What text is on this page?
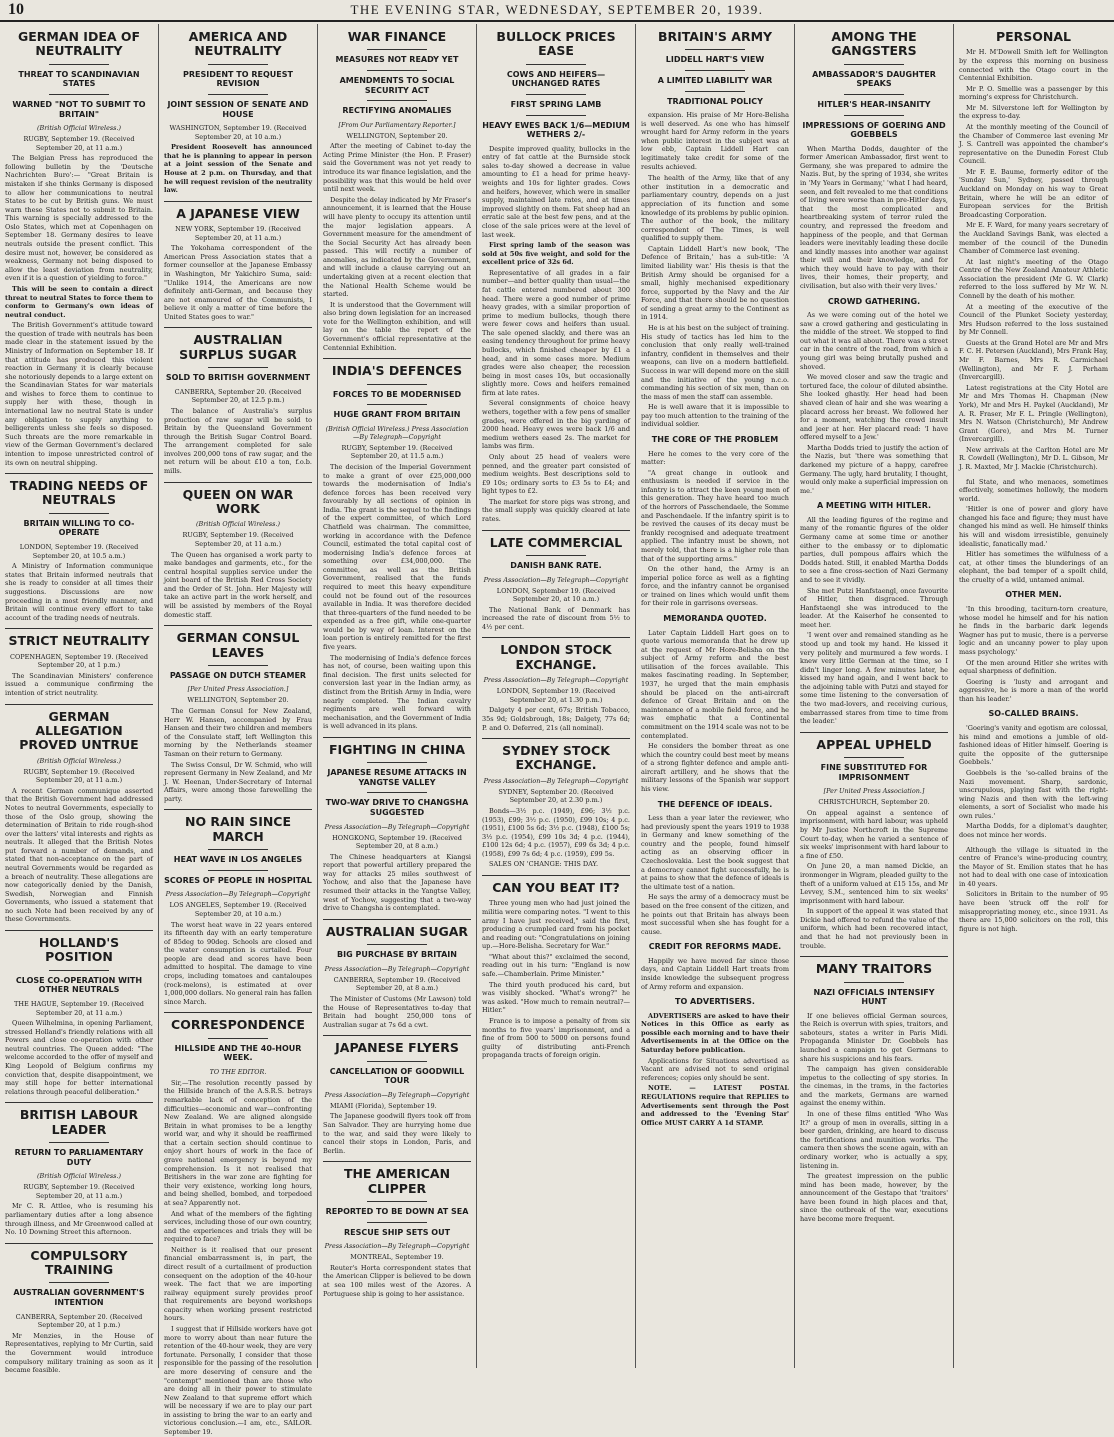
10	THE EVENING STAR, WEDNESDAY, SEPTEMBER 20, 1939.
GERMAN IDEA OF NEUTRALITY
THREAT TO SCANDINAVIAN STATES
WARNED "NOT TO SUBMIT TO BRITAIN"
(British Official Wireless.)

RUGBY, September 19. (Received September 20, at 11 a.m.)

The Belgian Press has reproduced the following bulletin by the 'Deutsche Nachrichten Buro':— "Great Britain is mistaken if she thinks Germany is disposed to allow her communications to neutral States to be cut by British guns. We must warn these States not to submit to Britain. This warning is specially addressed to the Oslo States, which met at Copenhagen on September 18. Germany desires to leave neutrals outside the present conflict. This desire must not, however, be considered as weakness, Germany not being disposed to allow the least deviation from neutrality, even if it is a question of yielding to force."

This will be seen to contain a direct threat to neutral States to force them to conform to Germany's own ideas of neutral conduct.

The British Government's attitude toward the question of trade with neutrals has been made clear in the statement issued by the Ministry of Information on September 18. If that attitude has produced this violent reaction in Germany it is clearly because she notoriously depends to a large extent on the Scandinavian States for war materials and wishes to force them to continue to supply her with these, though in international law no neutral State is under any obligation to supply anything to belligerents unless she feels so disposed. Such threats are the more remarkable in view of the German Government's declared intention to impose unrestricted control of its own on neutral shipping.

TRADING NEEDS OF NEUTRALS
BRITAIN WILLING TO CO-OPERATE

LONDON, September 19. (Received September 20, at 10.5 a.m.)

A Ministry of Information communique states that Britain informed neutrals that she is ready to consider at all times their suggestions. Discussions are now proceeding in a most friendly manner, and Britain will continue every effort to take account of the trading needs of neutrals.

STRICT NEUTRALITY

COPENHAGEN, September 19. (Received September 20, at 1 p.m.)

The Scandinavian Ministers' conference issued a communique confirming the intention of strict neutrality.

GERMAN ALLEGATION PROVED UNTRUE
(British Official Wireless.)

RUGBY, September 19. (Received September 20, at 11 a.m.)

A recent German communique asserted that the British Government had addressed Notes to neutral Governments, especially to those of the Oslo group, showing the determination of Britain to ride rough-shod over the latters' vital interests and rights as neutrals. It alleged that the British Notes put forward a number of demands, and stated that non-acceptance on the part of neutral Governments would be regarded as a breach of neutrality. These allegations are now categorically denied by the Danish, Swedish, Norwegian and Finnish Governments, who issued a statement that no such Note had been received by any of these Governments.

HOLLAND'S POSITION
CLOSE CO-OPERATION WITH OTHER NEUTRALS

THE HAGUE, September 19. (Received September 20, at 11 a.m.)

Queen Wilhelmina, in opening Parliament, stressed Holland's friendly relations with all Powers and close co-operation with other neutral countries. The Queen added: "The welcome accorded to the offer of myself and King Leopold of Belgium confirms my conviction that, despite disappointment, we may still hope for better international relations through peaceful deliberation."

BRITISH LABOUR LEADER
RETURN TO PARLIAMENTARY DUTY
(British Official Wireless.)

RUGBY, September 19. (Received September 20, at 11 a.m.)

Mr C. R. Attlee, who is resuming his parliamentary duties after a long absence through illness, and Mr Greenwood called at No. 10 Downing Street this afternoon.

COMPULSORY TRAINING
AUSTRALIAN GOVERNMENT'S INTENTION

CANBERRA, September 20. (Received September 20, at 1 p.m.)

Mr Menzies, in the House of Representatives, replying to Mr Curtin, said the Government would introduce compulsory military training as soon as it became feasible.

AMERICA AND NEUTRALITY
PRESIDENT TO REQUEST REVISION
JOINT SESSION OF SENATE AND HOUSE

WASHINGTON, September 19. (Received September 20, at 10 a.m.)

President Roosevelt has announced that he is planning to appear in person at a joint session of the Senate and House at 2 p.m. on Thursday, and that he will request revision of the neutrality law.

A JAPANESE VIEW

NEW YORK, September 19. (Received September 20, at 11 a.m.)

The Yokohama correspondent of the American Press Association states that a former counsellor at the Japanese Embassy in Washington, Mr Yakichiro Suma, said: "Unlike 1914, the Americans are now definitely anti-German, and because they are not enamoured of the Communists, I believe it only a matter of time before the United States goes to war."

AUSTRALIAN SURPLUS SUGAR
SOLD TO BRITISH GOVERNMENT

CANBERRA, September 20. (Received September 20, at 12.5 p.m.)

The balance of Australia's surplus production of raw sugar will be sold to Britain by the Queensland Government through the British Sugar Control Board. The arrangement completed for sale involves 200,000 tons of raw sugar, and the net return will be about £10 a ton, f.o.b. mills.

QUEEN ON WAR WORK
(British Official Wireless.)

RUGBY, September 19. (Received September 20, at 11 a.m.)

The Queen has organised a work party to make bandages and garments, etc., for the central hospital supplies service under the joint board of the British Red Cross Society and the Order of St. John. Her Majesty will take an active part in the work herself, and will be assisted by members of the Royal domestic staff.

GERMAN CONSUL LEAVES
PASSAGE ON DUTCH STEAMER
[Per United Press Association.]

WELLINGTON, September 20.

The German Consul for New Zealand, Herr W. Hansen, accompanied by Frau Hansen and their two children and members of the Consulate staff, left Wellington this morning by the Netherlands steamer Tasman on their return to Germany.

The Swiss Consul, Dr W. Schmid, who will represent Germany in New Zealand, and Mr J. W. Heenan, Under-Secretary of Internal Affairs, were among those farewelling the party.

NO RAIN SINCE MARCH
HEAT WAVE IN LOS ANGELES
SCORES OF PEOPLE IN HOSPITAL
Press Association—By Telegraph—Copyright

LOS ANGELES, September 19. (Received September 20, at 10 a.m.)

The worst heat wave in 22 years entered its fifteenth day with an early temperature of 85deg to 90deg. Schools are closed and the water consumption is curtailed. Four people are dead and scores have been admitted to hospital. The damage to vine crops, including tomatoes and cantaloupes (rock-melons), is estimated at over 1,000,000 dollars. No general rain has fallen since March.

CORRESPONDENCE
HILLSIDE AND THE 40-HOUR WEEK.
TO THE EDITOR.

Sir,—The resolution recently passed by the Hillside branch of the A.S.R.S. betrays remarkable lack of conception of the difficulties—economic and war—confronting New Zealand. We are aligned alongside Britain in what promises to be a lengthy world war, and why it should be reaffirmed that a certain section should continue to enjoy short hours of work in the face of grave national emergency is beyond my comprehension. Is it not realised that Britishers in the war zone are fighting for their very existence, working long hours, and being shelled, bombed, and torpedoed at sea? Apparently not.

And what of the members of the fighting services, including those of our own country, and the experiences and trials they will be required to face?

Neither is it realised that our present financial embarrassment is, in part, the direct result of a curtailment of production consequent on the adoption of the 40-hour week. The fact that we are importing railway equipment surely provides proof that requirements are beyond workshops capacity when working present restricted hours.

I suggest that if Hillside workers have got more to worry about than near future the retention of the 40-hour week, they are very fortunate. Personally, I consider that those responsible for the passing of the resolution are more deserving of censure and the "contempt" mentioned than are those who are doing all in their power to stimulate New Zealand to that supreme effort which will be necessary if we are to play our part in assisting to bring the war to an early and victorious conclusion.—I am, etc., SAILOR. September 19.

WAR FINANCE
MEASURES NOT READY YET
AMENDMENTS TO SOCIAL SECURITY ACT
RECTIFYING ANOMALIES
[From Our Parliamentary Reporter.]

WELLINGTON, September 20.

After the meeting of Cabinet to-day the Acting Prime Minister (the Hon. P. Fraser) said the Government was not yet ready to introduce its war finance legislation, and the possibility was that this would be held over until next week.

Despite the delay indicated by Mr Fraser's announcement, it is learned that the House will have plenty to occupy its attention until the major legislation appears. A Government measure for the amendment of the Social Security Act has already been passed. This will rectify a number of anomalies, as indicated by the Government, and will include a clause carrying out an undertaking given at a recent election that the National Health Scheme would be started.

It is understood that the Government will also bring down legislation for an increased vote for the Wellington exhibition, and will lay on the table the report of the Government's official representative at the Centennial Exhibition.

INDIA'S DEFENCES
FORCES TO BE MODERNISED
HUGE GRANT FROM BRITAIN
(British Official Wireless.) Press Association—By Telegraph—Copyright

RUGBY, September 19. (Received September 20, at 11.5 a.m.)

The decision of the Imperial Government to make a grant of over £25,000,000 towards the modernisation of India's defence forces has been received very favourably by all sections of opinion in India. The grant is the sequel to the findings of the expert committee, of which Lord Chatfield was chairman. The committee, working in accordance with the Defence Council, estimated the total capital cost of modernising India's defence forces at something over £34,000,000. The committee, as well as the British Government, realised that the funds required to meet this heavy expenditure could not be found out of the resources available in India. It was therefore decided that three-quarters of the fund needed to be expended as a free gift, while one-quarter would be by way of loan. Interest on the loan portion is entirely remitted for the first five years.

The modernising of India's defence forces has not, of course, been waiting upon this final decision. The first units selected for conversion last year in the Indian army, as distinct from the British Army in India, were nearly completed. The Indian cavalry regiments are well forward with mechanisation, and the Government of India is well advanced in its plans.

FIGHTING IN CHINA
JAPANESE RESUME ATTACKS IN YANGTSE VALLEY
TWO-WAY DRIVE TO CHANGSHA SUGGESTED
Press Association—By Telegraph—Copyright

HONGKONG, September 19. (Received September 20, at 8 a.m.)

The Chinese headquarters at Kiangsi report that powerful artillery prepared the way for attacks 25 miles southwest of Yochow, and also that the Japanese have resumed their attacks in the Yangtse Valley, west of Yochow, suggesting that a two-way drive to Changsha is contemplated.

AUSTRALIAN SUGAR
BIG PURCHASE BY BRITAIN
Press Association—By Telegraph—Copyright

CANBERRA, September 19. (Received September 20, at 8 a.m.)

The Minister of Customs (Mr Lawson) told the House of Representatives to-day that Britain had bought 250,000 tons of Australian sugar at 7s 6d a cwt.

JAPANESE FLYERS
CANCELLATION OF GOODWILL TOUR
Press Association—By Telegraph—Copyright

MIAMI (Florida), September 19.

The Japanese goodwill flyers took off from San Salvador. They are hurrying home due to the war, and said they were likely to cancel their stops in London, Paris, and Berlin.

THE AMERICAN CLIPPER
REPORTED TO BE DOWN AT SEA
RESCUE SHIP SETS OUT
Press Association—By Telegraph—Copyright

MONTREAL, September 19.

Reuter's Horta correspondent states that the American Clipper is believed to be down at sea 100 miles west of the Azores. A Portuguese ship is going to her assistance.

BULLOCK PRICES EASE
COWS AND HEIFERS—UNCHANGED RATES
FIRST SPRING LAMB
HEAVY EWES BACK 1/6—MEDIUM WETHERS 2/-

Despite improved quality, bullocks in the entry of fat cattle at the Burnside stock sales to-day showed a decrease in value amounting to £1 a head for prime heavy-weights and 10s for lighter grades. Cows and heifers, however, which were in smaller supply, maintained late rates, and at times improved slightly on them. Fat sheep had an erratic sale at the best few pens, and at the close of the sale prices were at the level of last week.

First spring lamb of the season was sold at 50s five weight, and sold for the excellent price of 32s 6d.

Representative of all grades in a fair number—and better quality than usual—the fat cattle entered numbered about 300 head. There were a good number of prime heavy grades, with a similar proportion of prime to medium bullocks, though there were fewer cows and heifers than usual. The sale opened slackly, and there was an easing tendency throughout for prime heavy bullocks, which finished cheaper by £1 a head, and in some cases more. Medium grades were also cheaper, the recession being in most cases 10s, but occasionally slightly more. Cows and heifers remained firm at late rates.

Several consignments of choice heavy wethers, together with a few pens of smaller grades, were offered in the big yarding of 2000 head. Heavy ewes were back 1/6 and medium wethers eased 2s. The market for lambs was firm.

Only about 25 head of vealers were penned, and the greater part consisted of medium weights. Best descriptions sold to £9 10s; ordinary sorts to £3 5s to £4; and light types to £2.

The market for store pigs was strong, and the small supply was quickly cleared at late rates.

LATE COMMERCIAL
DANISH BANK RATE.
Press Association—By Telegraph—Copyright

LONDON, September 19. (Received September 20, at 10 a.m.)

The National Bank of Denmark has increased the rate of discount from 5½ to 4½ per cent.

LONDON STOCK EXCHANGE.
Press Association—By Telegraph—Copyright

LONDON, September 19. (Received September 20, at 1.30 p.m.)

Dalgety 4 per cent, 67s; British Tobacco, 35s 9d; Goldsbrough, 18s; Dalgety, 77s 6d; P. and O. Deferred, 21s (all nominal).

SYDNEY STOCK EXCHANGE.
Press Association—By Telegraph—Copyright

SYDNEY, September 20. (Received September 20, at 2.30 p.m.)

Bonds—3½ p.c. (1949), £96; 3½ p.c. (1953), £99; 3½ p.c. (1950), £99 10s; 4 p.c. (1951), £100 5s 6d; 3½ p.c. (1948), £100 5s; 3½ p.c. (1954), £99 10s 3d; 4 p.c. (1944), £100 12s 6d; 4 p.c. (1957), £99 6s 3d; 4 p.c. (1958), £99 7s 6d; 4 p.c. (1959), £99 5s.

SALES ON 'CHANGE: THIS DAY.

CAN YOU BEAT IT?

Three young men who had just joined the militia were comparing notes. "I went to this army I have just received," said the first, producing a crumpled card from his pocket and reading out: "Congratulations on joining up.—Hore-Belisha. Secretary for War."

"What about this?" exclaimed the second, reading out in his turn: "England is now safe.—Chamberlain. Prime Minister."

The third youth produced his card, but was visibly shocked. "What's wrong?" he was asked. "How much to remain neutral?—Hitler."

France is to impose a penalty of from six months to five years' imprisonment, and a fine of from 500 to 5000 on persons found guilty of distributing anti-French propaganda tracts of foreign origin.

BRITAIN'S ARMY
LIDDELL HART'S VIEW
A LIMITED LIABILITY WAR
TRADITIONAL POLICY

expansion. His praise of Mr Hore-Belisha is well deserved. As one who has himself wrought hard for Army reform in the years when public interest in the subject was at low ebb, Captain Liddell Hart can legitimately take credit for some of the results achieved.

The health of the Army, like that of any other institution in a democratic and parliamentary country, depends on a just appreciation of its function and some knowledge of its problems by public opinion. The author of the book, the military correspondent of The Times, is well qualified to supply them.

Captain Liddell Hart's new book, 'The Defence of Britain,' has a sub-title: 'A limited liability war.' His thesis is that the British Army should be organised for a small, highly mechanised expeditionary force, supported by the Navy and the Air Force, and that there should be no question of sending a great army to the Continent as in 1914.

He is at his best on the subject of training. His study of tactics has led him to the conclusion that only really well-trained infantry, confident in themselves and their weapons, can live on a modern battlefield. Success in war will depend more on the skill and the initiative of the young n.c.o. commanding his section of six men, than on the mass of men the staff can assemble.

He is well aware that it is impossible to pay too much attention to the training of the individual soldier.

THE CORE OF THE PROBLEM

Here he comes to the very core of the matter:

"A great change in outlook and enthusiasm is needed if service in the infantry is to attract the keen young men of this generation. They have heard too much of the horrors of Passchendaele, the Somme and Paschendaele. If the infantry spirit is to be revived the causes of its decay must be frankly recognised and adequate treatment applied. The infantry must be shown, not merely told, that there is a higher role than that of the supporting arms."

On the other hand, the Army is an imperial police force as well as a fighting force, and the infantry cannot be organised or trained on lines which would unfit them for their role in garrisons overseas.

MEMORANDA QUOTED.

Later Captain Liddell Hart goes on to quote various memoranda that he drew up at the request of Mr Hore-Belisha on the subject of Army reform and the best utilisation of the forces available. This makes fascinating reading. In September, 1937, he urged that the main emphasis should be placed on the anti-aircraft defence of Great Britain and on the maintenance of a mobile field force, and he was emphatic that a Continental commitment on the 1914 scale was not to be contemplated.

He considers the bomber threat as one which the country could best meet by means of a strong fighter defence and ample anti-aircraft artillery, and he shows that the military lessons of the Spanish war support his view.

THE DEFENCE OF IDEALS.

Less than a year later the reviewer, who had previously spent the years 1919 to 1938 in Germany and knew something of the country and the people, found himself acting as an observing officer in Czechoslovakia. Lest the book suggest that a democracy cannot fight successfully, he is at pains to show that the defence of ideals is the ultimate test of a nation.

He says the army of a democracy must be based on the free consent of the citizen, and he points out that Britain has always been most successful when she has fought for a cause.

CREDIT FOR REFORMS MADE.

Happily we have moved far since those days, and Captain Liddell Hart treats from inside knowledge the subsequent progress of Army reform and expansion.

TO ADVERTISERS.

ADVERTISERS are asked to have their Notices in this Office as early as possible each morning and to have their Advertisements in at the Office on the Saturday before publication.

Applications for Situations advertised as Vacant are advised not to send original references; copies only should be sent.

NOTE. — LATEST POSTAL REGULATIONS require that REPLIES to Advertisements sent through the Post and addressed to the 'Evening Star' Office MUST CARRY A 1d STAMP.

AMONG THE GANGSTERS
AMBASSADOR'S DAUGHTER SPEAKS
HITLER'S HEAR-INSANITY
IMPRESSIONS OF GOERING AND GOEBBELS

When Martha Dodds, daughter of the former American Ambassador, first went to Germany, she was prepared to admire the Nazis. But, by the spring of 1934, she writes in 'My Years in Germany,' 'what I had heard, seen, and felt revealed to me that conditions of living were worse than in pre-Hitler days, that the most complicated and heartbreaking system of terror ruled the country, and repressed the freedom and happiness of the people, and that German leaders were inevitably leading these docile and kindly masses into another war against their will and their knowledge, and for which they would have to pay with their lives, their homes, their property, and civilisation, but also with their very lives.'

CROWD GATHERING.

As we were coming out of the hotel we saw a crowd gathering and gesticulating in the middle of the street. We stopped to find out what it was all about. There was a street car in the centre of the road, from which a young girl was being brutally pushed and shoved.

We moved closer and saw the tragic and tortured face, the colour of diluted absinthe. She looked ghastly. Her head had been shaved clean of hair and she was wearing a placard across her breast. We followed her for a moment, watching the crowd insult and jeer at her. Her placard read: 'I have offered myself to a Jew.'

Martha Dodds tried to justify the action of the Nazis, but 'there was something that darkened my picture of a happy, carefree Germany. The ugly, hard brutality, I thought, would only make a superficial impression on me.'

A MEETING WITH HITLER.

All the leading figures of the regime and many of the romantic figures of the older Germany came at some time or another either to the embassy or to diplomatic parties, dull pompous affairs which the Dodds hated. Still, it enabled Martha Dodds to see a fine cross-section of Nazi Germany and to see it vividly.

She met Putzi Hanfstaengl, once favourite of Hitler, then disgraced. Through Hanfstaengl she was introduced to the leader. At the Kaiserhof he consented to meet her.

'I went over and remained standing as he stood up and took my hand. He kissed it very politely and murmured a few words. I knew very little German at the time, so I didn't linger long. A few minutes later, he kissed my hand again, and I went back to the adjoining table with Putzi and stayed for some time listening to the conversation of the two mad-lovers, and receiving curious, embarrassed stares from time to time from the leader.'

APPEAL UPHELD
FINE SUBSTITUTED FOR IMPRISONMENT
[Per United Press Association.]

CHRISTCHURCH, September 20.

On appeal against a sentence of imprisonment, with hard labour, was upheld by Mr Justice Northcroft in the Supreme Court to-day, when he varied a sentence of six weeks' imprisonment with hard labour to a fine of £50.

On June 20, a man named Dickie, an ironmonger in Wigram, pleaded guilty to the theft of a uniform valued at £15 15s, and Mr Levvey, S.M., sentenced him to six weeks' imprisonment with hard labour.

In support of the appeal it was stated that Dickie had offered to refund the value of the uniform, which had been recovered intact, and that he had not previously been in trouble.

MANY TRAITORS
NAZI OFFICIALS INTENSIFY HUNT

If one believes official German sources, the Reich is overrun with spies, traitors, and saboteurs, states a writer in Paris Midi. Propaganda Minister Dr. Goebbels has launched a campaign to get Germans to share his suspicions and his fears.

The campaign has given considerable impetus to the collecting of spy stories. In the cinemas, in the trams, in the factories and the markets, Germans are warned against the enemy within.

In one of these films entitled 'Who Was It?' a group of men in overalls, sitting in a beer garden, drinking, are heard to discuss the fortifications and munition works. The camera then shows the scene again, with an ordinary worker, who is actually a spy, listening in.

The greatest impression on the public mind has been made, however, by the announcement of the Gestapo that 'traitors' have been found in high places and that, since the outbreak of the war, executions have become more frequent.

PERSONAL

Mr H. M'Dowell Smith left for Wellington by the express this morning on business connected with the Otago court in the Centennial Exhibition.

Mr P. O. Smellie was a passenger by this morning's express for Christchurch.

Mr M. Silverstone left for Wellington by the express to-day.

At the monthly meeting of the Council of the Chamber of Commerce last evening Mr J. S. Cantrell was appointed the chamber's representative on the Dunedin Forest Club Council.

Mr F. E. Baume, formerly editor of the 'Sunday Sun,' Sydney, passed through Auckland on Monday on his way to Great Britain, where he will be an editor of European services for the British Broadcasting Corporation.

Mr E. F. Ward, for many years secretary of the Auckland Savings Bank, was elected a member of the council of the Dunedin Chamber of Commerce last evening.

At last night's meeting of the Otago Centre of the New Zealand Amateur Athletic Association the president (Mr G. W. Clark) referred to the loss suffered by Mr W. N. Connell by the death of his mother.

At a meeting of the executive of the Council of the Plunket Society yesterday, Mrs Hudson referred to the loss sustained by Mr Connell.

Guests at the Grand Hotel are Mr and Mrs F. C. H. Petersen (Auckland), Mrs Frank Hay, Mr F. Barnes, Mrs R. Carmichael (Wellington), and Mr F. J. Perham (Invercargill).

Latest registrations at the City Hotel are Mr and Mrs Thomas H. Chapman (New York), Mr and Mrs H. Paykel (Auckland), Mr A. R. Fraser, Mr F. L. Pringle (Wellington), Mrs N. Watson (Christchurch), Mr Andrew Grant (Gore), and Mrs M. Turner (Invercargill).

New arrivals at the Carlton Hotel are Mr R. Cowdell (Wellington), Mr D. L. Gibson, Mr J. R. Maxted, Mr J. Mackie (Christchurch).

ful State, and who menaces, sometimes effectively, sometimes hollowly, the modern world.

'Hitler is one of power and glory have changed his face and figure; they must have changed his mind as well. He himself thinks his will and wisdom irresistible, genuinely idealistic, fanatically mad.'

Hitler has sometimes the wilfulness of a cat, at other times the blunderings of an elephant, the bad temper of a spoilt child, the cruelty of a wild, untamed animal.

OTHER MEN.

'In this brooding, taciturn-torn creature, whose model he himself and for his nation he finds in the barbaric dark legends Wagner has put to music, there is a perverse logic and an uncanny power to play upon mass psychology.'

Of the men around Hitler she writes with equal sharpness of definition.

Goering is 'lusty and arrogant and aggressive, he is more a man of the world than his leader.'

SO-CALLED BRAINS.

'Goering's vanity and egotism are colossal, his mind and emotions a jumble of old-fashioned ideas of Hitler himself. Goering is quite the opposite of the guttersnipe Goebbels.'

Goebbels is the 'so-called brains of the Nazi movement. Sharp, sardonic, unscrupulous, playing fast with the right-wing Nazis and then with the left-wing elements, a sort of Socialist who made his own rules.'

Martha Dodds, for a diplomat's daughter, does not mince her words.

Although the village is situated in the centre of France's wine-producing country, the Mayor of St. Emilion states that he has not had to deal with one case of intoxication in 40 years.

Solicitors in Britain to the number of 95 have been 'struck off the roll' for misappropriating money, etc., since 1931. As there are 15,000 solicitors on the roll, this figure is not high.
